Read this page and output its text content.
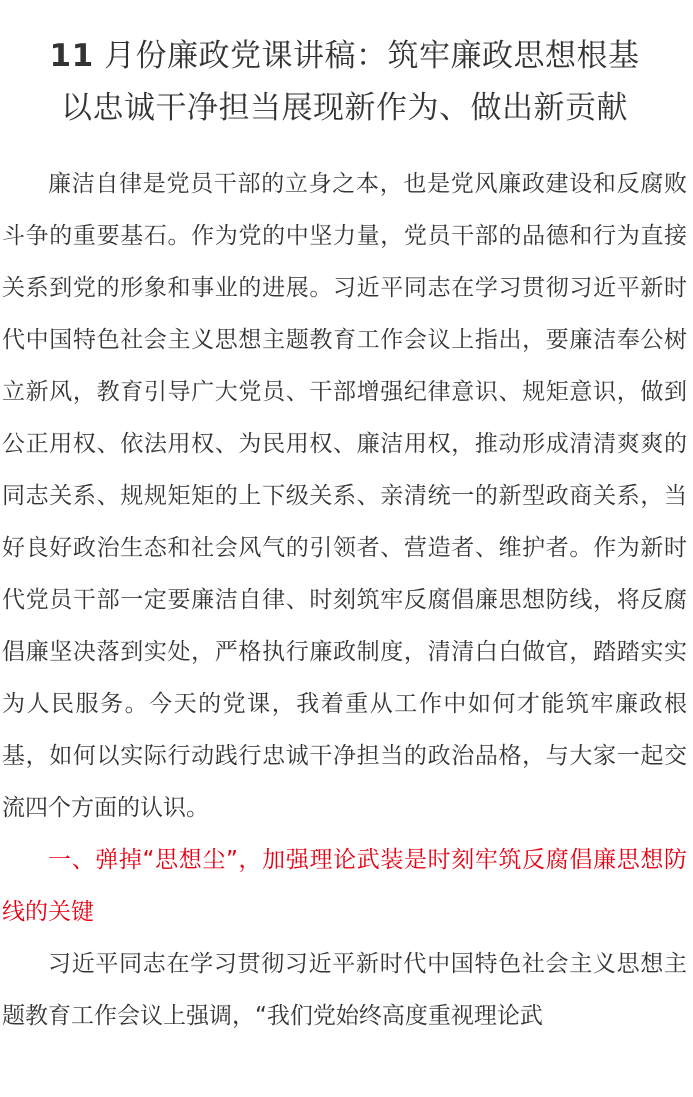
11 月份廉政党课讲稿：筑牢廉政思想根基
以忠诚干净担当展现新作为、做出新贡献

廉洁自律是党员干部的立身之本，也是党风廉政建设和反腐败斗争的重要基石。作为党的中坚力量，党员干部的品德和行为直接关系到党的形象和事业的进展。习近平同志在学习贯彻习近平新时代中国特色社会主义思想主题教育工作会议上指出，要廉洁奉公树立新风，教育引导广大党员、干部增强纪律意识、规矩意识，做到公正用权、依法用权、为民用权、廉洁用权，推动形成清清爽爽的同志关系、规规矩矩的上下级关系、亲清统一的新型政商关系，当好良好政治生态和社会风气的引领者、营造者、维护者。作为新时代党员干部一定要廉洁自律、时刻筑牢反腐倡廉思想防线，将反腐倡廉坚决落到实处，严格执行廉政制度，清清白白做官，踏踏实实为人民服务。今天的党课，我着重从工作中如何才能筑牢廉政根基，如何以实际行动践行忠诚干净担当的政治品格，与大家一起交流四个方面的认识。

一、弹掉“思想尘”，加强理论武装是时刻牢筑反腐倡廉思想防线的关键

习近平同志在学习贯彻习近平新时代中国特色社会主义思想主题教育工作会议上强调，“我们党始终高度重视理论武
